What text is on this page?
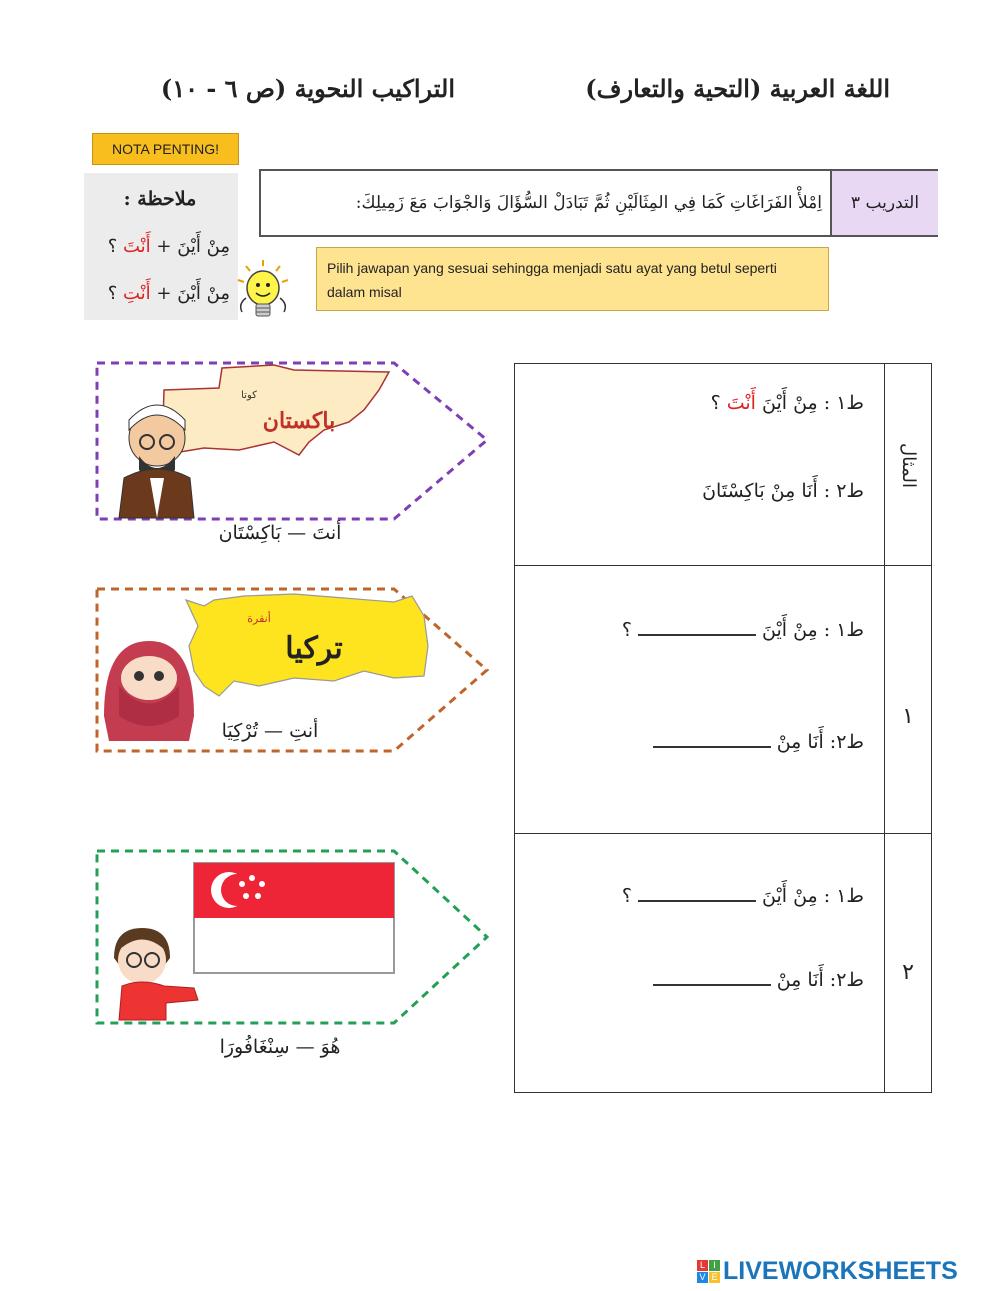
اللغة العربية (التحية والتعارف)
التراكيب النحوية (ص ٦ - ١٠)
NOTA PENTING!
ملاحظة :
مِنْ أَيْنَ + أَنْتَ ؟
مِنْ أَيْنَ + أَنْتِ ؟
التدريب ٣
اِمْلأْ الفَرَاغَاتِ كَمَا فِي المِثَالَيْنِ ثُمَّ تَبَادَلْ السُّؤَالَ وَالجْوَابَ مَعَ زَمِيلِكَ:
Pilih jawapan yang sesuai sehingga menjadi satu ayat yang betul seperti dalam misal
باكستان
كوتا
أنتَ — بَاكِسْتَان
تركيا
أنقرة
أنتِ — تُرْكِيَا
هُوَ — سِنْغَافُورَا
المثال
ط١ : مِنْ أَيْنَ أَنْتَ ؟
ط٢ : أَنَا مِنْ بَاكِسْتَانَ
١
ط١ : مِنْ أَيْنَ؟
ط٢: أَنَا مِنْ
٢
ط١ : مِنْ أَيْنَ؟
ط٢: أَنَا مِنْ
L I
V E LIVEWORKSHEETS
